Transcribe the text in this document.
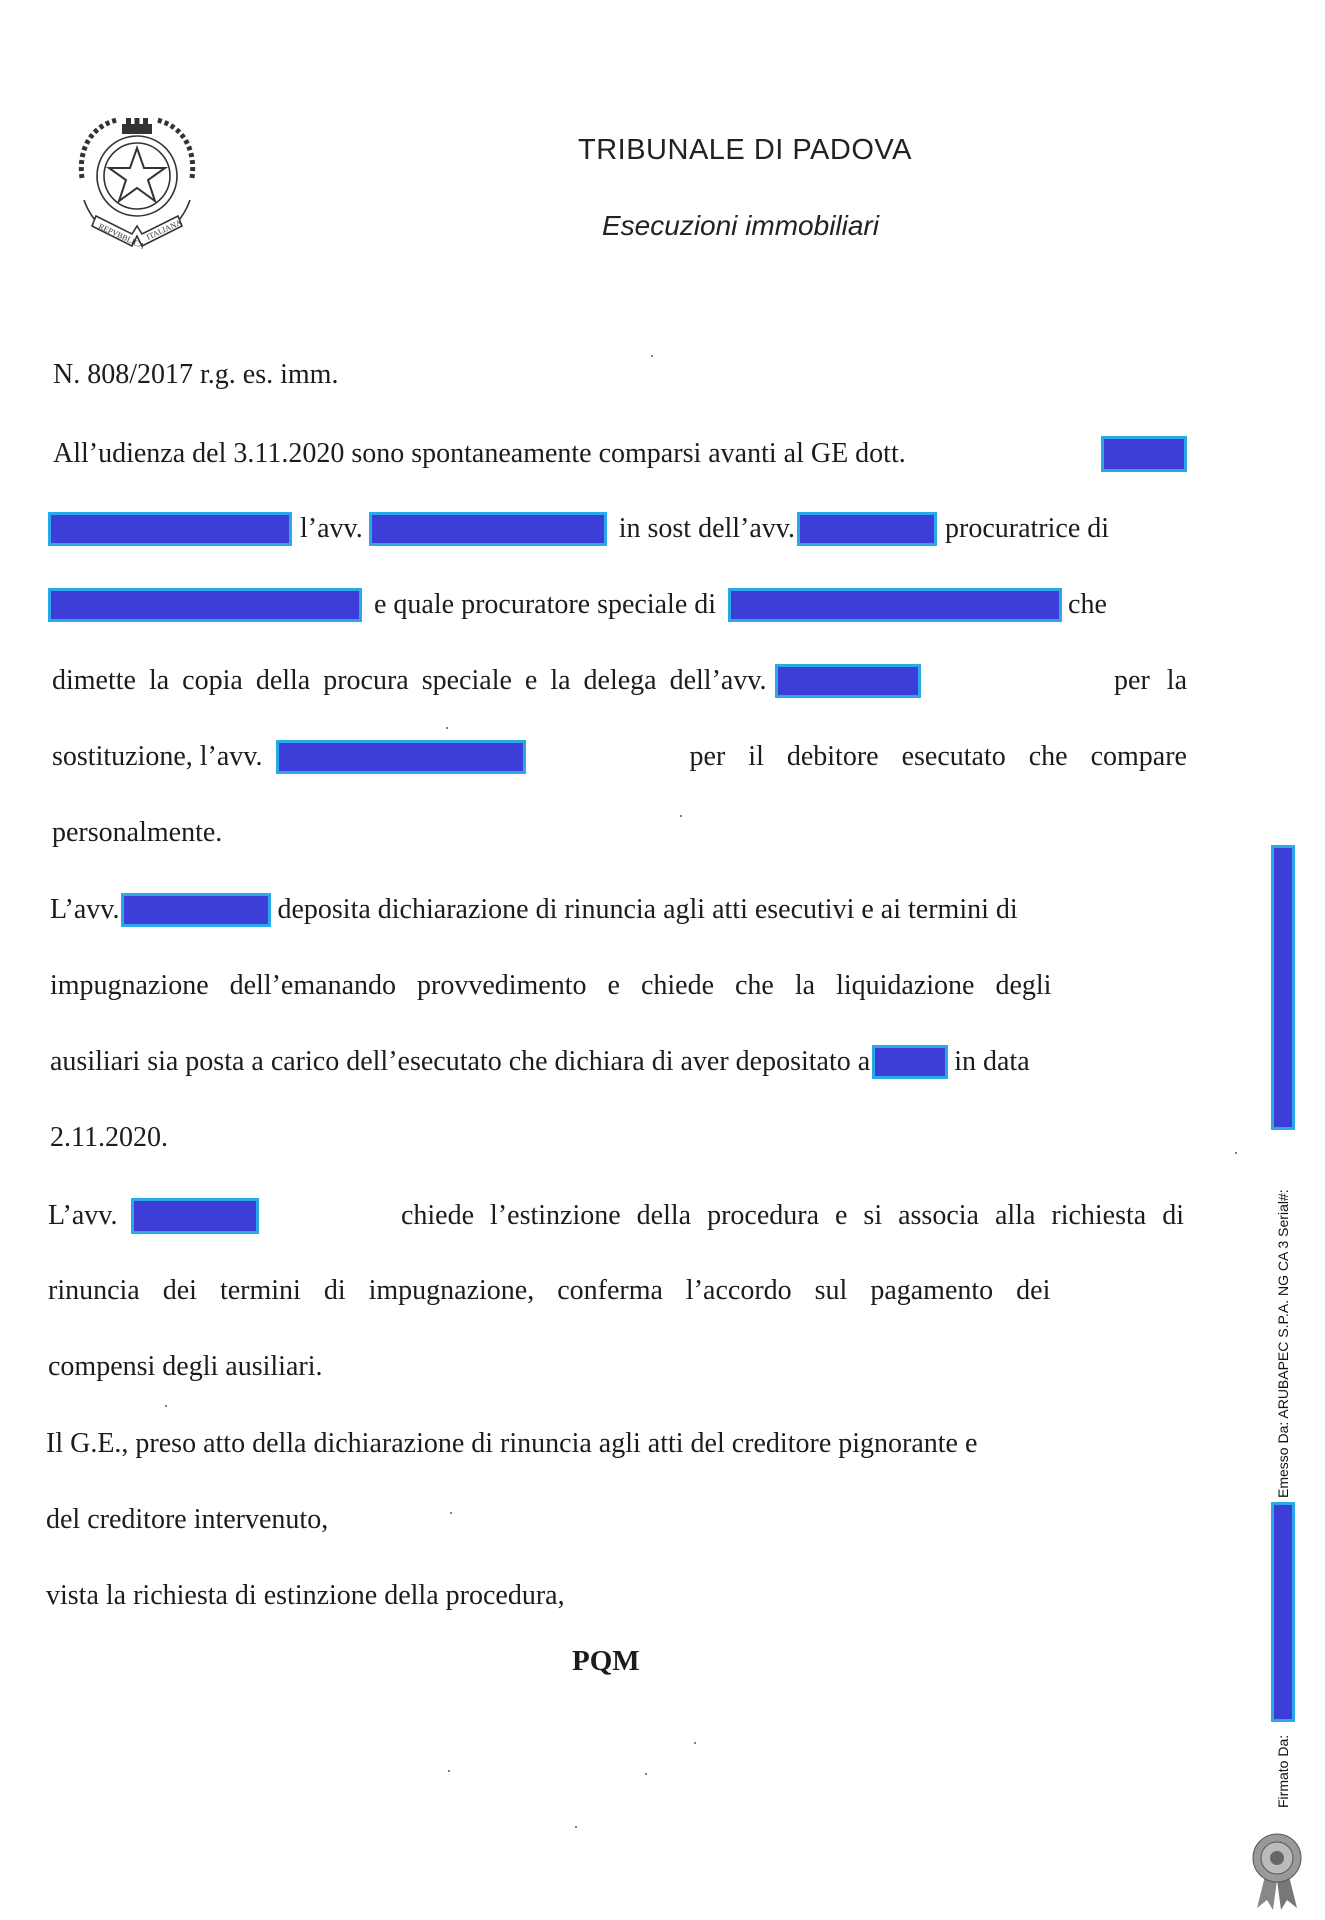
REPVBBLICA
ITALIANA
TRIBUNALE DI PADOVA
Esecuzioni immobiliari
N. 808/2017 r.g. es. imm.
All’udienza del 3.11.2020 sono spontaneamente comparsi avanti al GE dott.
l’avv.	in sost dell’avv.	procuratrice di
e quale procuratore speciale di	che
dimette la copia della procura speciale e la delega dell’avv.	per la
sostituzione, l’avv.	per il debitore esecutato che compare
personalmente.
L’avv.	deposita dichiarazione di rinuncia agli atti esecutivi e ai termini di
impugnazione dell’emanando provvedimento e chiede che la liquidazione degli
ausiliari sia posta a carico dell’esecutato che dichiara di aver depositato a	in data
2.11.2020.
L’avv.	chiede l’estinzione della procedura e si associa alla richiesta di
rinuncia dei termini di impugnazione, conferma l’accordo sul pagamento dei
compensi degli ausiliari.
Il G.E., preso atto della dichiarazione di rinuncia agli atti del creditore pignorante e
del creditore intervenuto,
vista la richiesta di estinzione della procedura,
PQM
Emesso Da: ARUBAPEC S.P.A. NG CA 3 Serial#:
Firmato Da:
